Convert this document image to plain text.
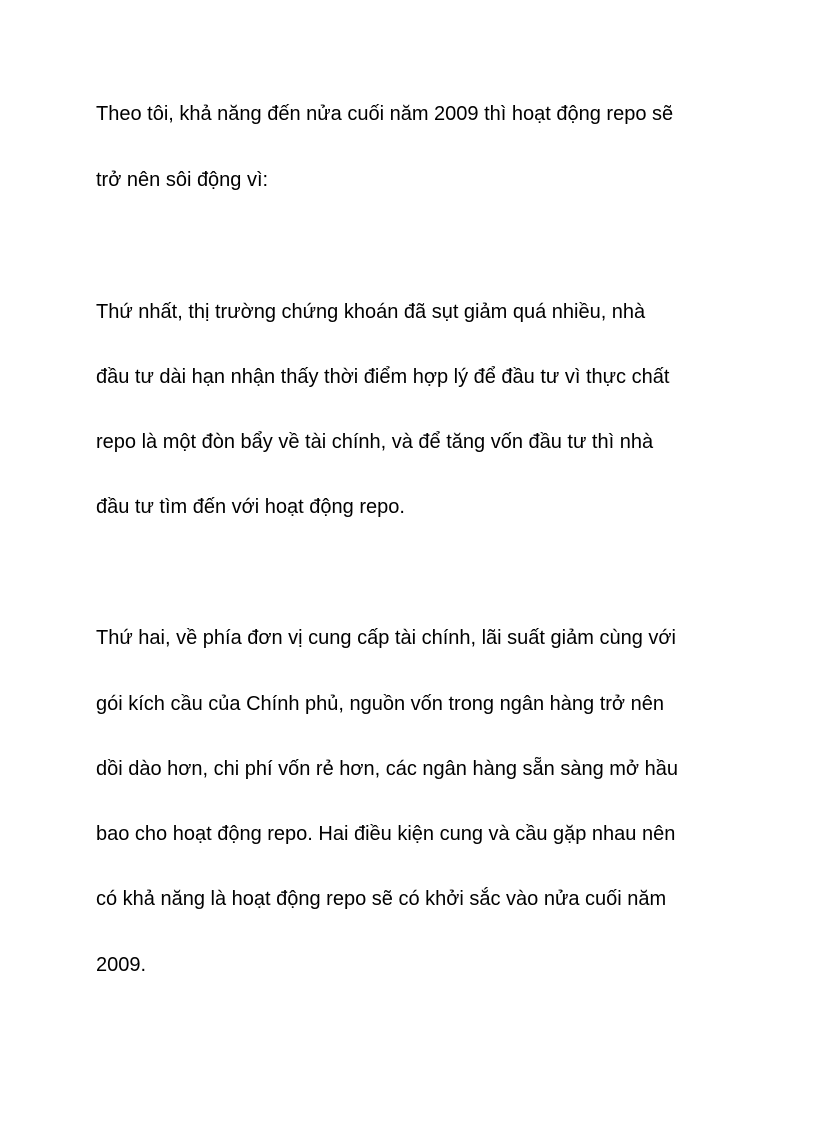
Theo tôi, khả năng đến nửa cuối năm 2009 thì hoạt động repo sẽ

trở nên sôi động vì:

Thứ nhất, thị trường chứng khoán đã sụt giảm quá nhiều, nhà

đầu tư dài hạn nhận thấy thời điểm hợp lý để đầu tư vì thực chất

repo là một đòn bẩy về tài chính, và để tăng vốn đầu tư thì nhà

đầu tư tìm đến với hoạt động repo.

Thứ hai, về phía đơn vị cung cấp tài chính, lãi suất giảm cùng với

gói kích cầu của Chính phủ, nguồn vốn trong ngân hàng trở nên

dồi dào hơn, chi phí vốn rẻ hơn, các ngân hàng sẵn sàng mở hầu

bao cho hoạt động repo. Hai điều kiện cung và cầu gặp nhau nên

có khả năng là hoạt động repo sẽ có khởi sắc vào nửa cuối năm

2009.
